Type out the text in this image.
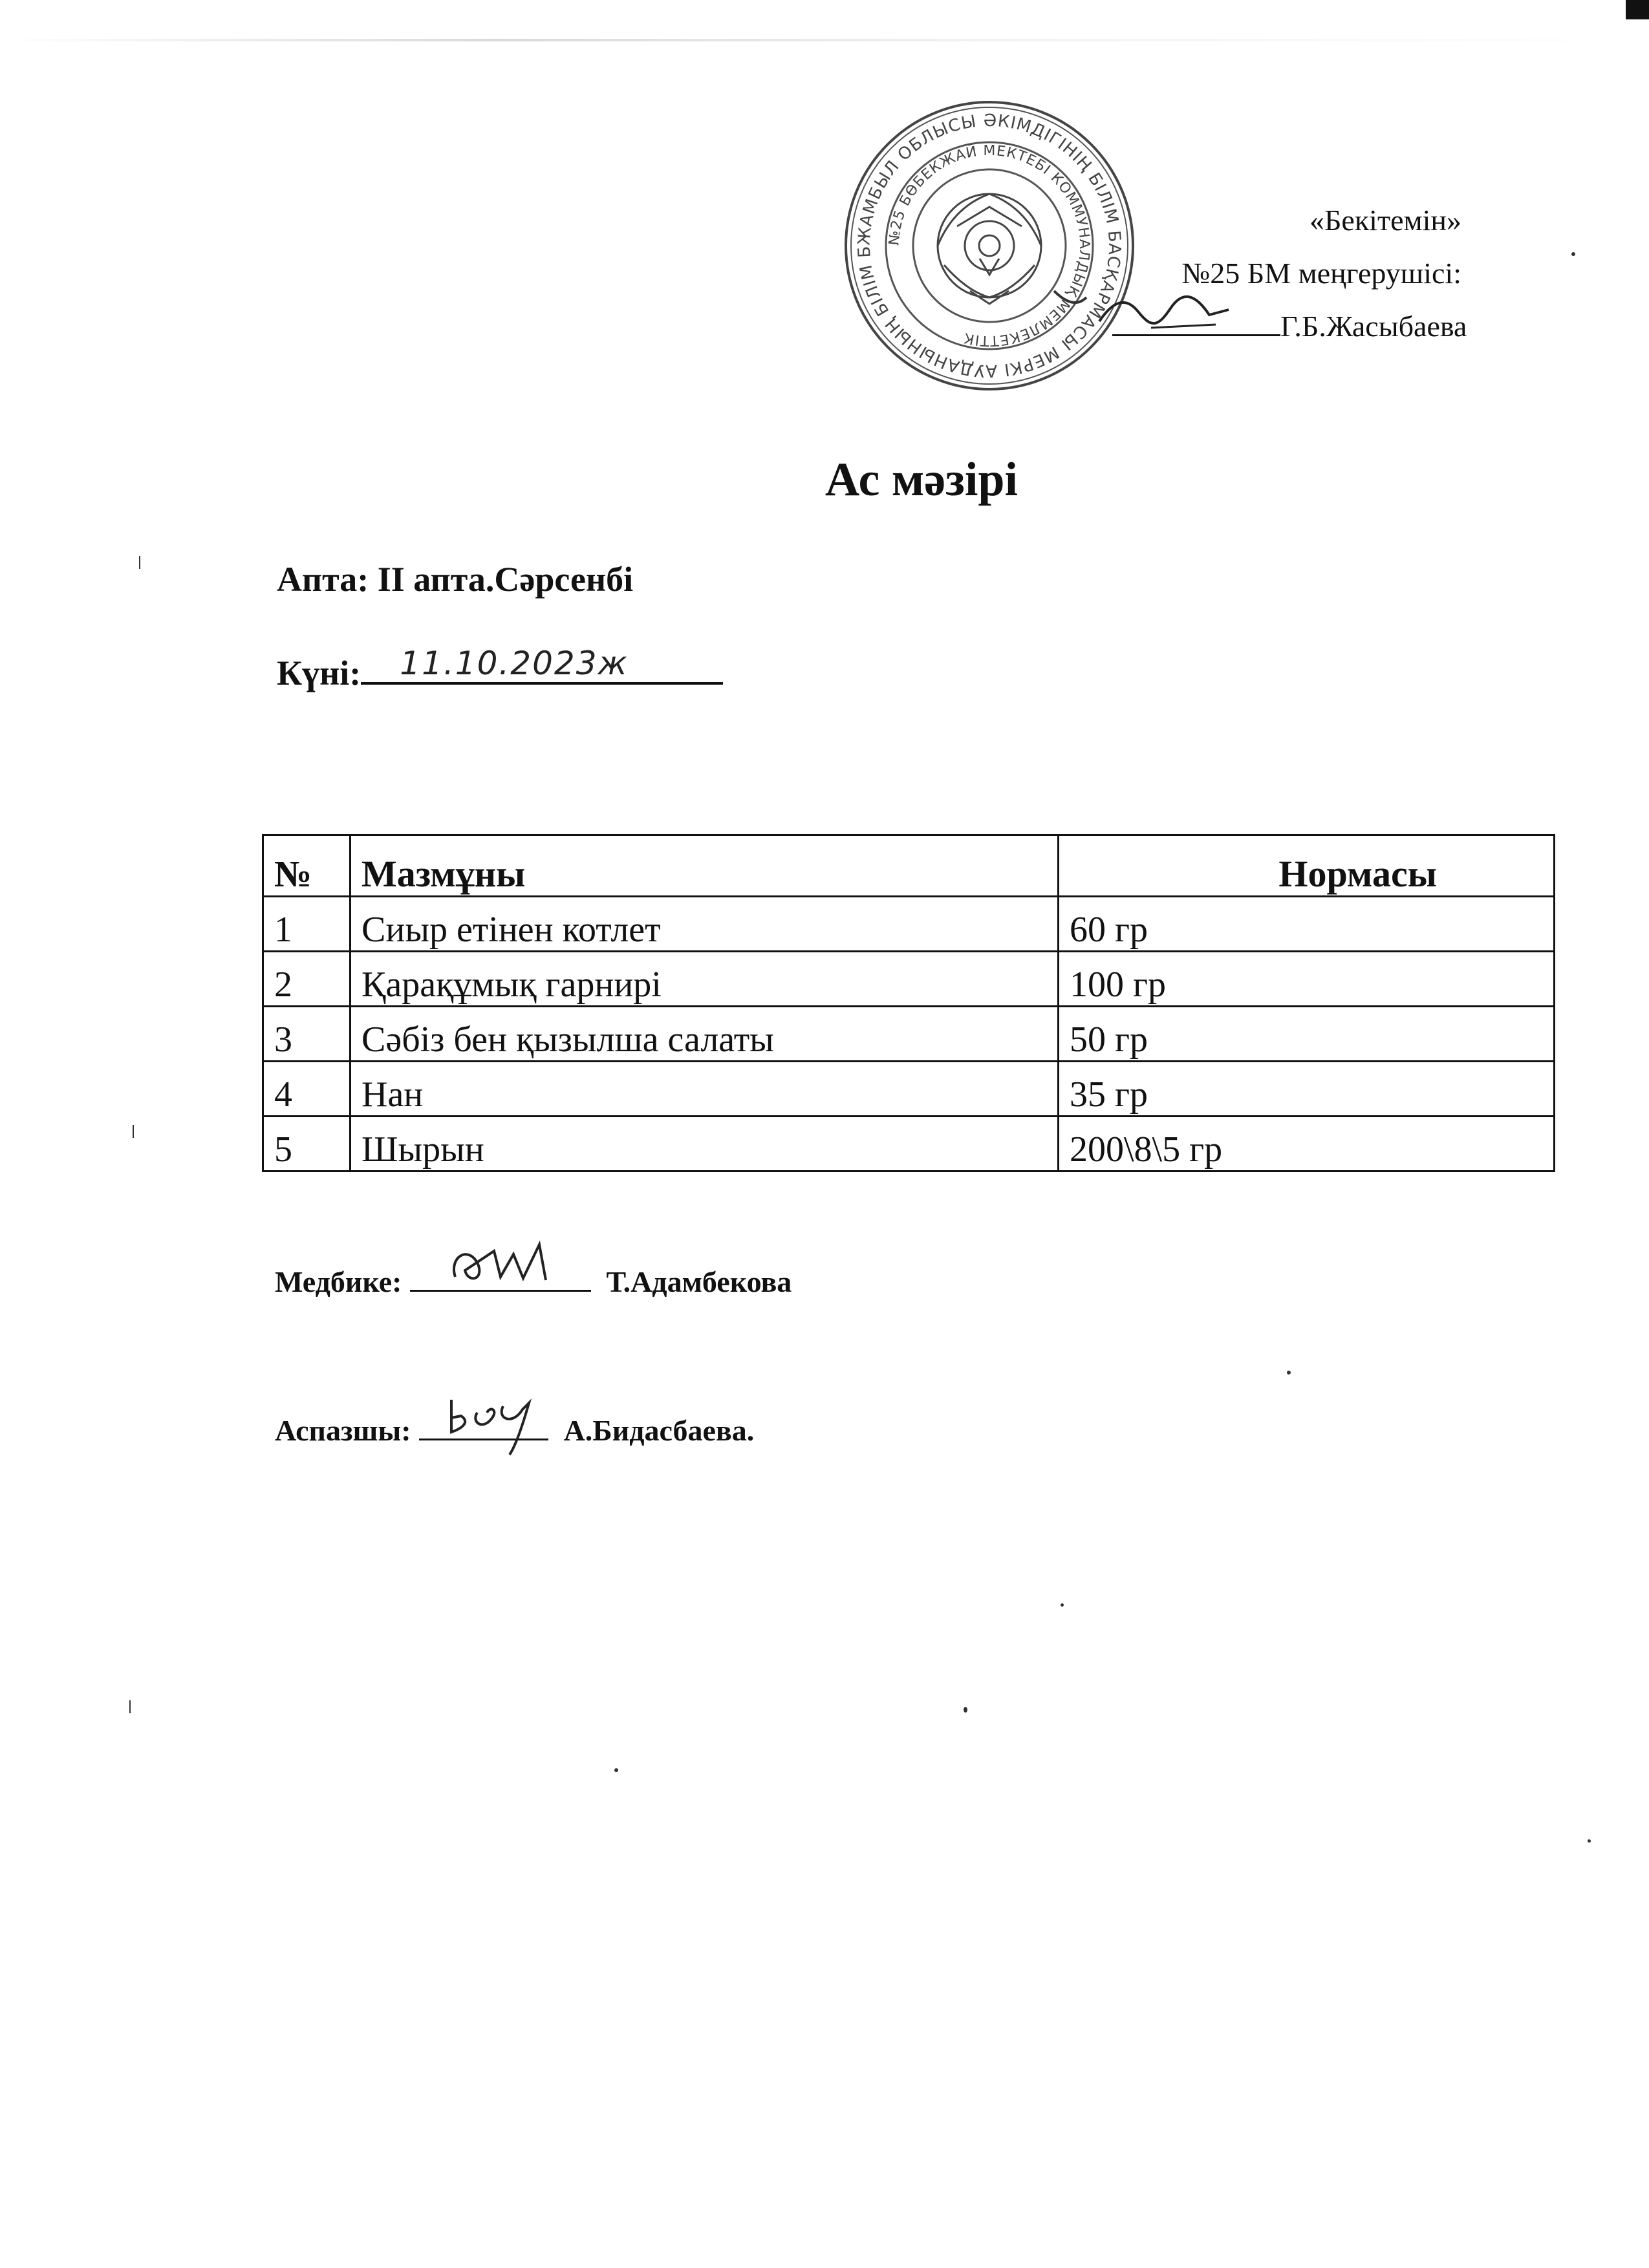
ЖАМБЫЛ ОБЛЫСЫ ӘКІМДІГІНІҢ БІЛІМ БАСҚАРМАСЫ МЕРКІ АУДАНЫНЫҢ БІЛІМ Б
№25 БӨБЕКЖАЙ МЕКТЕБІ КОММУНАЛДЫҚ МЕМЛЕКЕТТІК
«Бекітемін»
№25 БМ меңгерушісі:
Г.Б.Жасыбаева
Ас мәзірі
Апта: II апта.Сәрсенбі
Күні: 11.10.2023ж
№	Мазмұны	Нормасы
1	Сиыр етінен котлет	60 гр
2	Қарақұмық гарнирі	100 гр
3	Сәбіз бен қызылша салаты	50 гр
4	Нан	35 гр
5	Шырын	200\8\5 гр
Медбике:	Т.Адамбекова
Аспазшы:	А.Бидасбаева.
